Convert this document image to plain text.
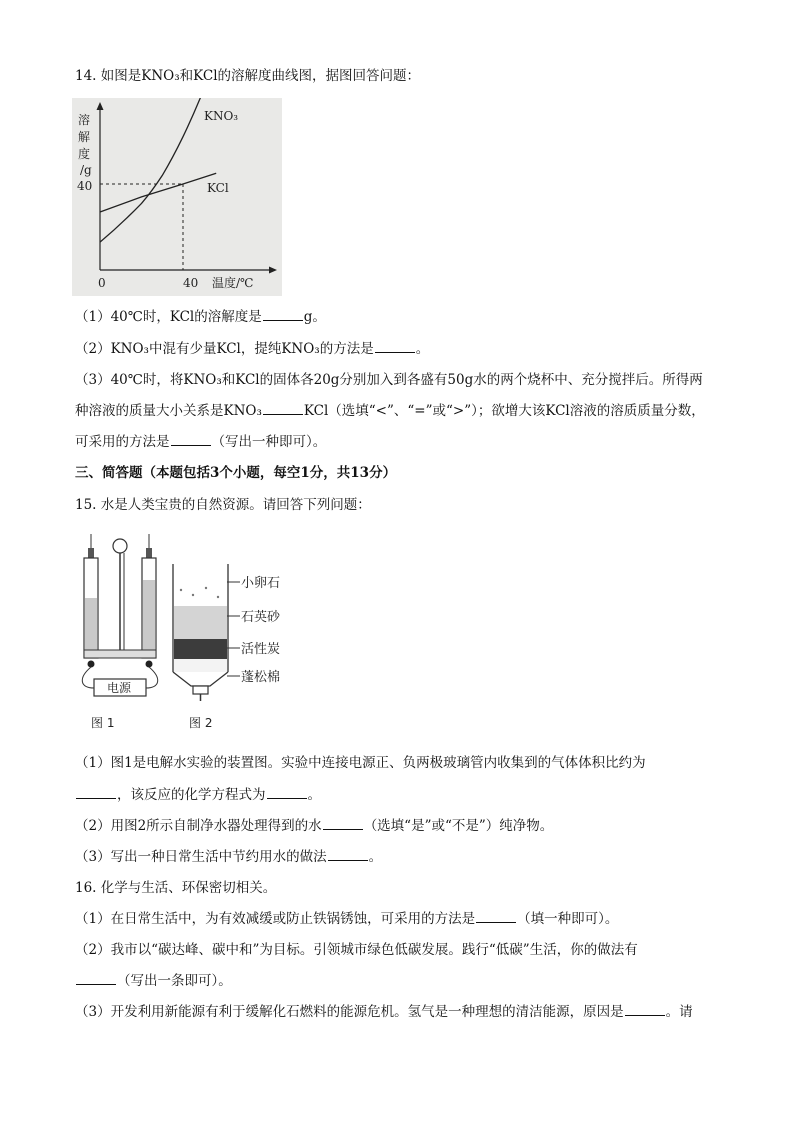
14. 如图是KNO₃和KCl的溶解度曲线图，据图回答问题：
溶
解
度
/g
40
0	40 温度/℃
KNO₃
KCl
（1）40℃时，KCl的溶解度是	g。
（2）KNO₃中混有少量KCl，提纯KNO₃的方法是	。
（3）40℃时，将KNO₃和KCl的固体各20g分别加入到各盛有50g水的两个烧杯中、充分搅拌后。所得两
种溶液的质量大小关系是KNO₃	KCl（选填“<”、“=”或“>”）；欲增大该KCl溶液的溶质质量分数，
可采用的方法是	（写出一种即可）。
三、简答题（本题包括3个小题，每空1分，共13分）
15. 水是人类宝贵的自然资源。请回答下列问题：
电源
图 1
小卵石
石英砂
活性炭
蓬松棉
图 2
（1）图1是电解水实验的装置图。实验中连接电源正、负两极玻璃管内收集到的气体体积比约为
，该反应的化学方程式为	。
（2）用图2所示自制净水器处理得到的水	（选填“是”或“不是”）纯净物。
（3）写出一种日常生活中节约用水的做法	。
16. 化学与生活、环保密切相关。
（1）在日常生活中，为有效减缓或防止铁锅锈蚀，可采用的方法是	（填一种即可）。
（2）我市以“碳达峰、碳中和”为目标。引领城市绿色低碳发展。践行“低碳”生活，你的做法有
（写出一条即可）。
（3）开发利用新能源有利于缓解化石燃料的能源危机。氢气是一种理想的清洁能源，原因是	。请
